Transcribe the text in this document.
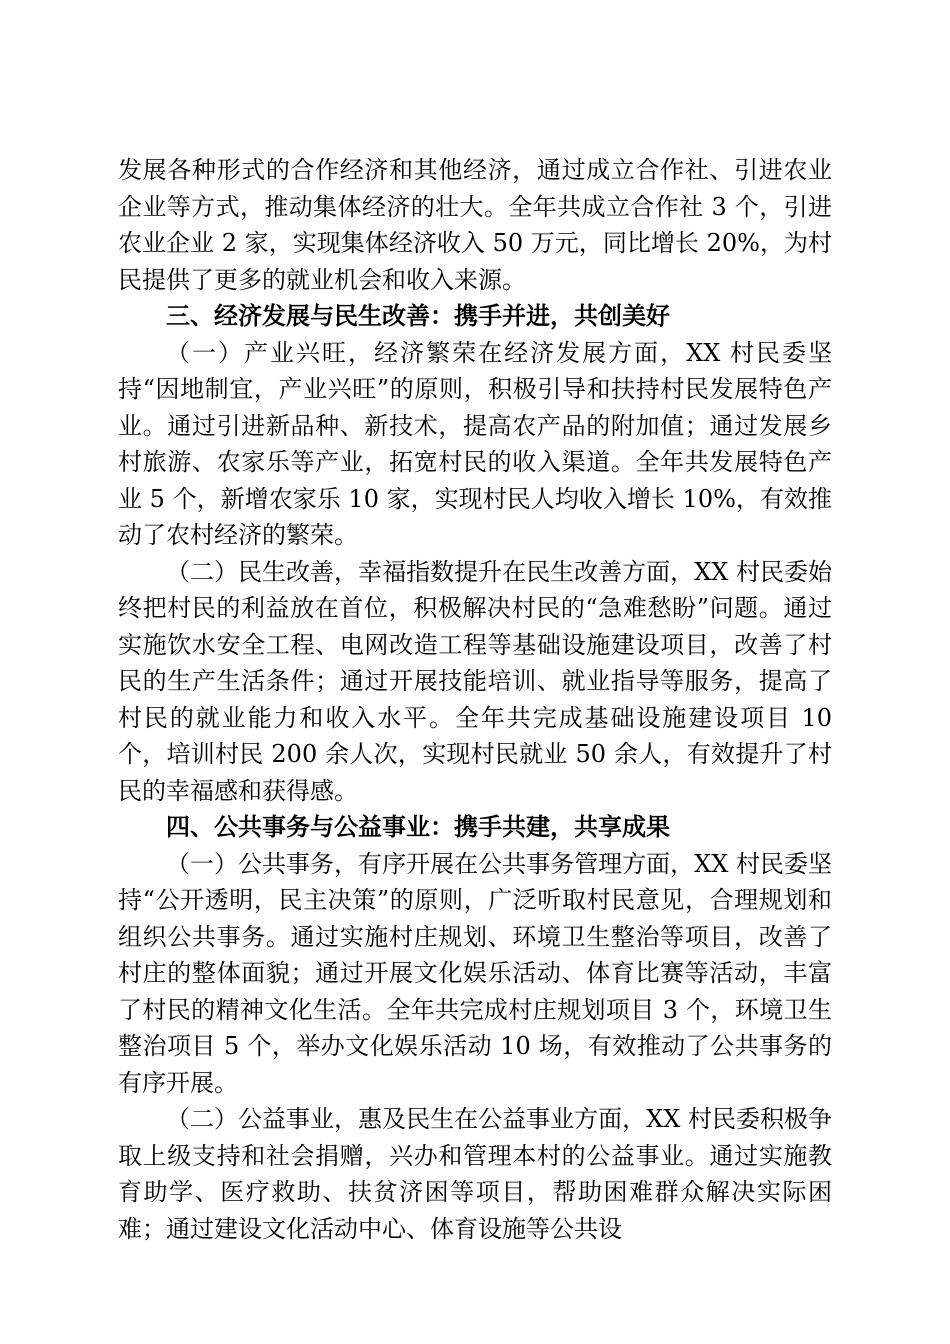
发展各种形式的合作经济和其他经济，通过成立合作社、引进农业企业等方式，推动集体经济的壮大。全年共成立合作社 3 个，引进农业企业 2 家，实现集体经济收入 50 万元，同比增长 20%，为村民提供了更多的就业机会和收入来源。

三、经济发展与民生改善：携手并进，共创美好

（一）产业兴旺，经济繁荣在经济发展方面，XX 村民委坚持“因地制宜，产业兴旺”的原则，积极引导和扶持村民发展特色产业。通过引进新品种、新技术，提高农产品的附加值；通过发展乡村旅游、农家乐等产业，拓宽村民的收入渠道。全年共发展特色产业 5 个，新增农家乐 10 家，实现村民人均收入增长 10%，有效推动了农村经济的繁荣。

（二）民生改善，幸福指数提升在民生改善方面，XX 村民委始终把村民的利益放在首位，积极解决村民的“急难愁盼”问题。通过实施饮水安全工程、电网改造工程等基础设施建设项目，改善了村民的生产生活条件；通过开展技能培训、就业指导等服务，提高了村民的就业能力和收入水平。全年共完成基础设施建设项目 10 个，培训村民 200 余人次，实现村民就业 50 余人，有效提升了村民的幸福感和获得感。

四、公共事务与公益事业：携手共建，共享成果

（一）公共事务，有序开展在公共事务管理方面，XX 村民委坚持“公开透明，民主决策”的原则，广泛听取村民意见，合理规划和组织公共事务。通过实施村庄规划、环境卫生整治等项目，改善了村庄的整体面貌；通过开展文化娱乐活动、体育比赛等活动，丰富了村民的精神文化生活。全年共完成村庄规划项目 3 个，环境卫生整治项目 5 个，举办文化娱乐活动 10 场，有效推动了公共事务的有序开展。

（二）公益事业，惠及民生在公益事业方面，XX 村民委积极争取上级支持和社会捐赠，兴办和管理本村的公益事业。通过实施教育助学、医疗救助、扶贫济困等项目，帮助困难群众解决实际困难；通过建设文化活动中心、体育设施等公共设
